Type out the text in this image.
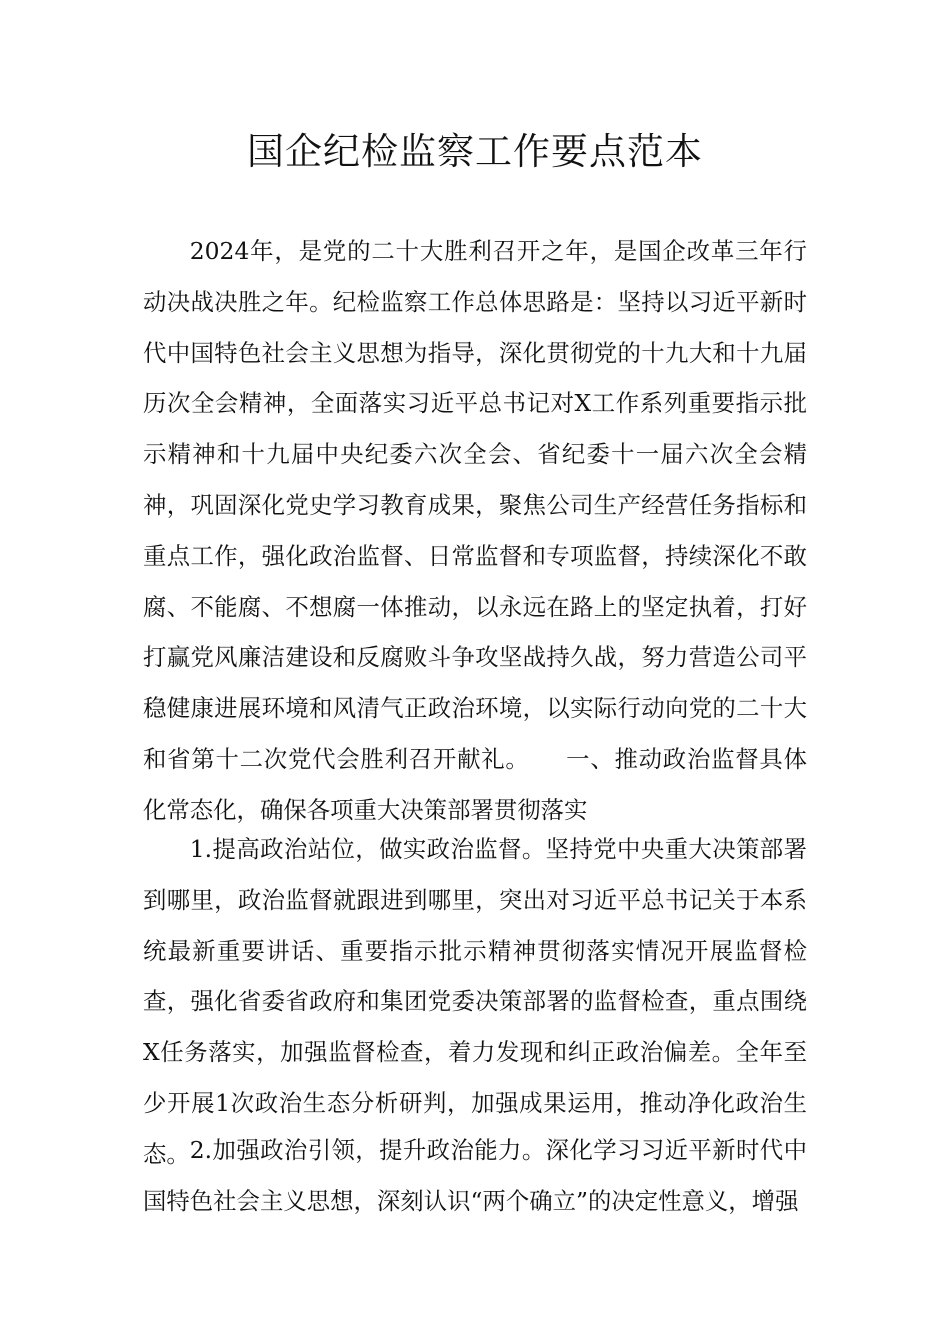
国企纪检监察工作要点范本

2024年，是党的二十大胜利召开之年，是国企改革三年行动决战决胜之年。纪检监察工作总体思路是：坚持以习近平新时代中国特色社会主义思想为指导，深化贯彻党的十九大和十九届历次全会精神，全面落实习近平总书记对X工作系列重要指示批示精神和十九届中央纪委六次全会、省纪委十一届六次全会精神，巩固深化党史学习教育成果，聚焦公司生产经营任务指标和重点工作，强化政治监督、日常监督和专项监督，持续深化不敢腐、不能腐、不想腐一体推动，以永远在路上的坚定执着，打好打赢党风廉洁建设和反腐败斗争攻坚战持久战，努力营造公司平稳健康进展环境和风清气正政治环境，以实际行动向党的二十大和省第十二次党代会胜利召开献礼。　　一、推动政治监督具体化常态化，确保各项重大决策部署贯彻落实

1.提高政治站位，做实政治监督。坚持党中央重大决策部署到哪里，政治监督就跟进到哪里，突出对习近平总书记关于本系统最新重要讲话、重要指示批示精神贯彻落实情况开展监督检查，强化省委省政府和集团党委决策部署的监督检查，重点围绕X任务落实，加强监督检查，着力发现和纠正政治偏差。全年至少开展1次政治生态分析研判，加强成果运用，推动净化政治生态。 2.加强政治引领，提升政治能力。深化学习习近平新时代中国特色社会主义思想，深刻认识“两个确立”的决定性意义，增强
